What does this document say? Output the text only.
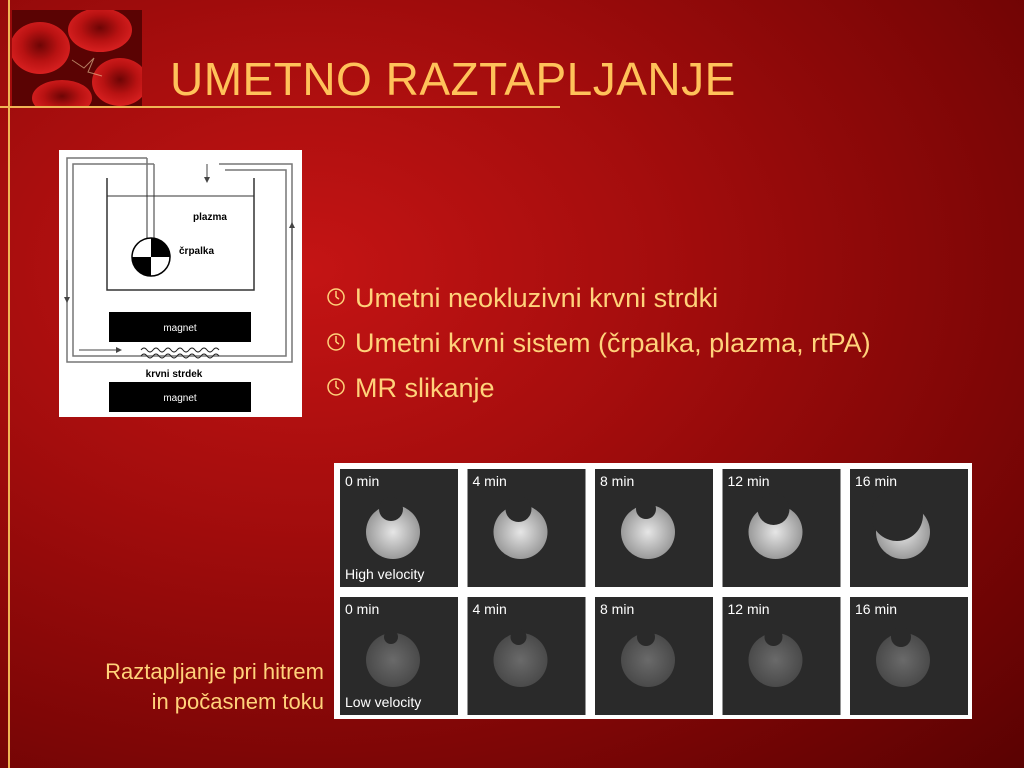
UMETNO RAZTAPLJANJE
plazma
črpalka
magnet
krvni strdek
magnet
Umetni neokluzivni krvni strdki
Umetni krvni sistem (črpalka, plazma, rtPA)
MR slikanje
0 min
High velocity
4 min	8 min	12 min	16 min
0 min
Low velocity
4 min	8 min	12 min	16 min
Raztapljanje pri hitrem
in počasnem toku
